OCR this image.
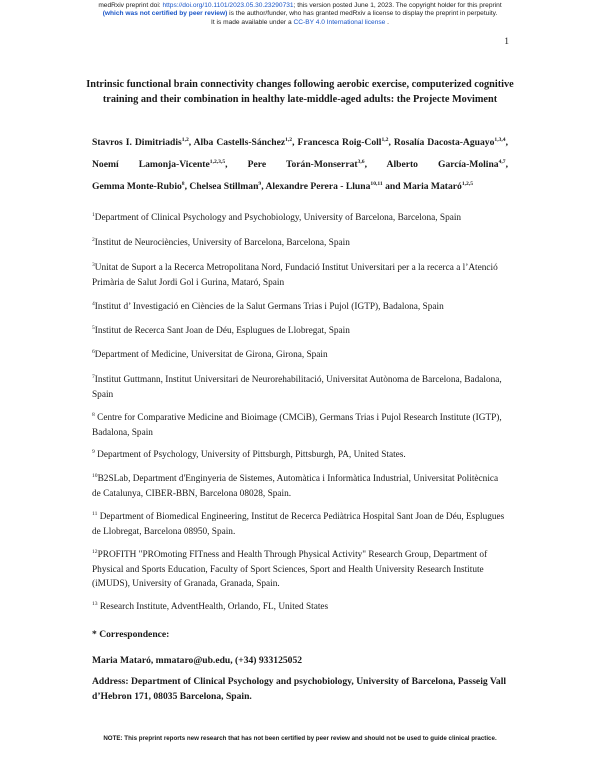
medRxiv preprint doi: https://doi.org/10.1101/2023.05.30.23290731; this version posted June 1, 2023. The copyright holder for this preprint
(which was not certified by peer review) is the author/funder, who has granted medRxiv a license to display the preprint in perpetuity.
It is made available under a CC-BY 4.0 International license .
1
Intrinsic functional brain connectivity changes following aerobic exercise, computerized cognitive training and their combination in healthy late-middle-aged adults: the Projecte Moviment
Stavros I. Dimitriadis$^{1,2}$, Alba Castells-Sánchez$^{1,2}$, Francesca Roig-Coll$^{1,2}$, Rosalía Dacosta-Aguayo$^{1,3,4}$, Noemí Lamonja-Vicente$^{1,2,3,5}$, Pere Torán-Monserrat$^{3,6}$, Alberto García-Molina$^{4,7}$, Gemma Monte-Rubio$^8$, Chelsea Stillman$^9$, Alexandre Perera - Lluna$^{10,11}$ and Maria Mataró$^{1,2,5}$
$^1$Department of Clinical Psychology and Psychobiology, University of Barcelona, Barcelona, Spain
$^2$Institut de Neurociències, University of Barcelona, Barcelona, Spain
$^3$Unitat de Suport a la Recerca Metropolitana Nord, Fundació Institut Universitari per a la recerca a l’Atenció Primària de Salut Jordi Gol i Gurina, Mataró, Spain
$^4$Institut d’ Investigació en Ciències de la Salut Germans Trias i Pujol (IGTP), Badalona, Spain
$^5$Institut de Recerca Sant Joan de Déu, Esplugues de Llobregat, Spain
$^6$Department of Medicine, Universitat de Girona, Girona, Spain
$^7$Institut Guttmann, Institut Universitari de Neurorehabilitació, Universitat Autònoma de Barcelona, Badalona, Spain
$^8$ Centre for Comparative Medicine and Bioimage (CMCiB), Germans Trias i Pujol Research Institute (IGTP), Badalona, Spain
$^9$ Department of Psychology, University of Pittsburgh, Pittsburgh, PA, United States.
$^{10}$B2SLab, Department d'Enginyeria de Sistemes, Automàtica i Informàtica Industrial, Universitat Politècnica de Catalunya, CIBER-BBN, Barcelona 08028, Spain.
$^{11}$ Department of Biomedical Engineering, Institut de Recerca Pediàtrica Hospital Sant Joan de Déu, Esplugues de Llobregat, Barcelona 08950, Spain.
$^{12}$PROFITH "PROmoting FITness and Health Through Physical Activity" Research Group, Department of Physical and Sports Education, Faculty of Sport Sciences, Sport and Health University Research Institute (iMUDS), University of Granada, Granada, Spain.
$^{13}$ Research Institute, AdventHealth, Orlando, FL, United States
* Correspondence:
Maria Mataró, mmataro@ub.edu, (+34) 933125052
Address: Department of Clinical Psychology and psychobiology, University of Barcelona, Passeig Vall d’Hebron 171, 08035 Barcelona, Spain.
NOTE: This preprint reports new research that has not been certified by peer review and should not be used to guide clinical practice.
